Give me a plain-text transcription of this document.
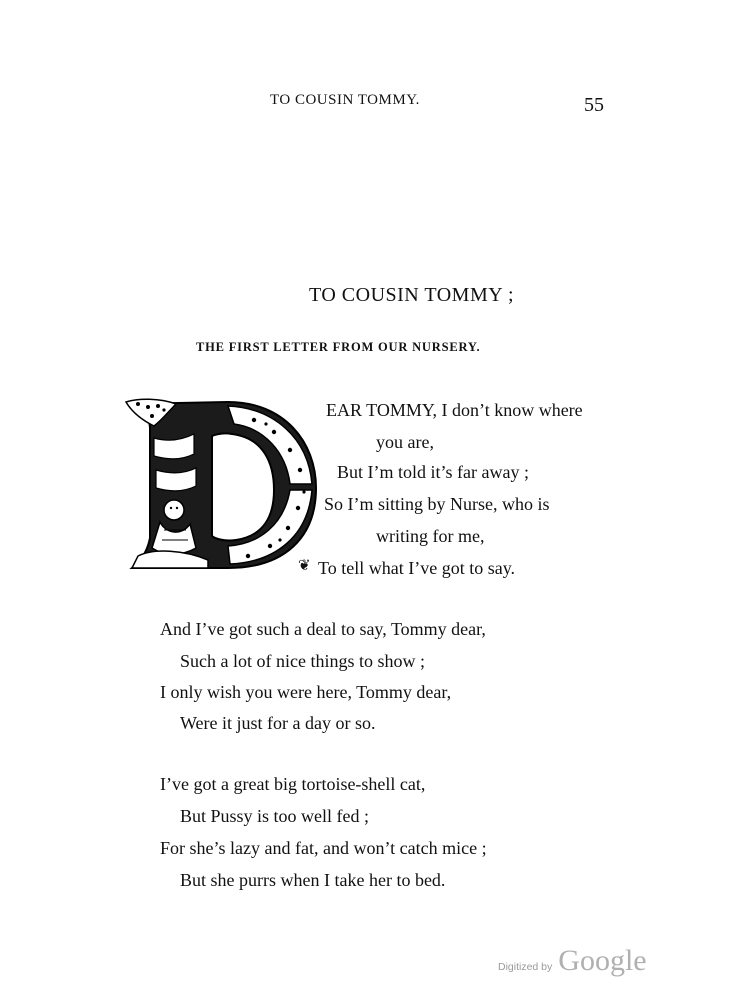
TO COUSIN TOMMY.	55
TO COUSIN TOMMY ;
THE FIRST LETTER FROM OUR NURSERY.
D
EAR TOMMY, I don’t know where
you are,
But I’m told it’s far away ;
So I’m sitting by Nurse, who is
writing for me,
❦ To tell what I’ve got to say.
And I’ve got such a deal to say, Tommy dear,
Such a lot of nice things to show ;
I only wish you were here, Tommy dear,
Were it just for a day or so.
I’ve got a great big tortoise-shell cat,
But Pussy is too well fed ;
For she’s lazy and fat, and won’t catch mice ;
But she purrs when I take her to bed.
Digitized by Google
